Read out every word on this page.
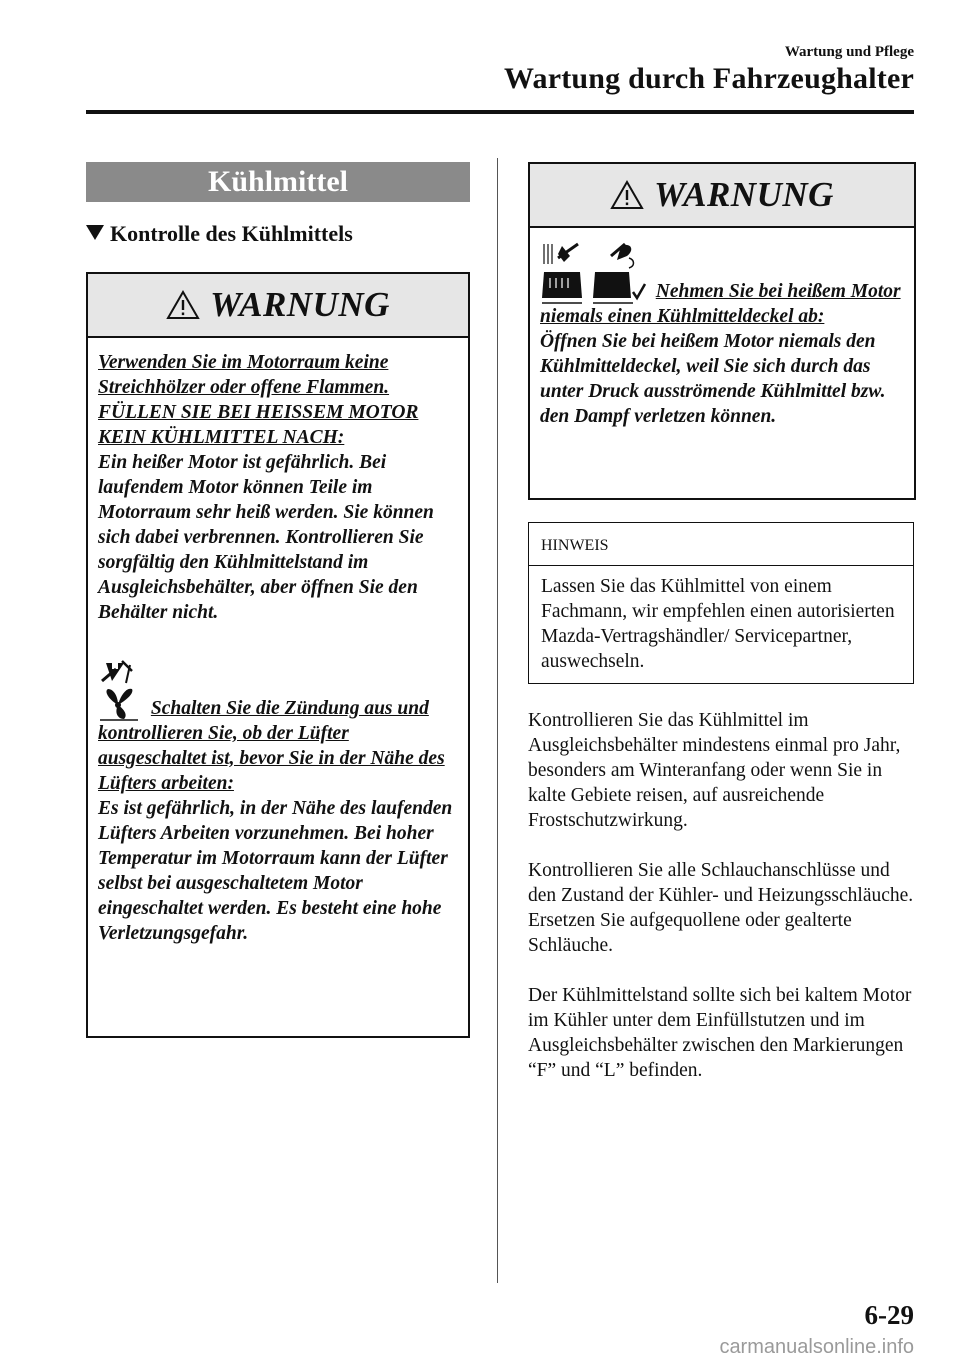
Wartung und Pflege
Wartung durch Fahrzeughalter
Kühlmittel
Kontrolle des Kühlmittels
WARNUNG
Verwenden Sie im Motorraum keine Streichhölzer oder offene Flammen.
FÜLLEN SIE BEI HEISSEM MOTOR KEIN KÜHLMITTEL NACH:
Ein heißer Motor ist gefährlich. Bei laufendem Motor können Teile im Motorraum sehr heiß werden. Sie können sich dabei verbrennen. Kontrollieren Sie sorgfältig den Kühlmittelstand im Ausgleichsbehälter, aber öffnen Sie den Behälter nicht.
Schalten Sie die Zündung aus und kontrollieren Sie, ob der Lüfter ausgeschaltet ist, bevor Sie in der Nähe des Lüfters arbeiten:
Es ist gefährlich, in der Nähe des laufenden Lüfters Arbeiten vorzunehmen. Bei hoher Temperatur im Motorraum kann der Lüfter selbst bei ausgeschaltetem Motor eingeschaltet werden. Es besteht eine hohe Verletzungsgefahr.
WARNUNG
Nehmen Sie bei heißem Motor niemals einen Kühlmitteldeckel ab:
Öffnen Sie bei heißem Motor niemals den Kühlmitteldeckel, weil Sie sich durch das unter Druck ausströmende Kühlmittel bzw. den Dampf verletzen können.
HINWEIS
Lassen Sie das Kühlmittel von einem Fachmann, wir empfehlen einen autorisierten Mazda-Vertragshändler/ Servicepartner, auswechseln.

Kontrollieren Sie das Kühlmittel im Ausgleichsbehälter mindestens einmal pro Jahr, besonders am Winteranfang oder wenn Sie in kalte Gebiete reisen, auf ausreichende Frostschutzwirkung.

Kontrollieren Sie alle Schlauchanschlüsse und den Zustand der Kühler- und Heizungsschläuche.

Ersetzen Sie aufgequollene oder gealterte Schläuche.

Der Kühlmittelstand sollte sich bei kaltem Motor im Kühler unter dem Einfüllstutzen und im Ausgleichsbehälter zwischen den Markierungen “F” und “L” befinden.

6-29
carmanualsonline.info
